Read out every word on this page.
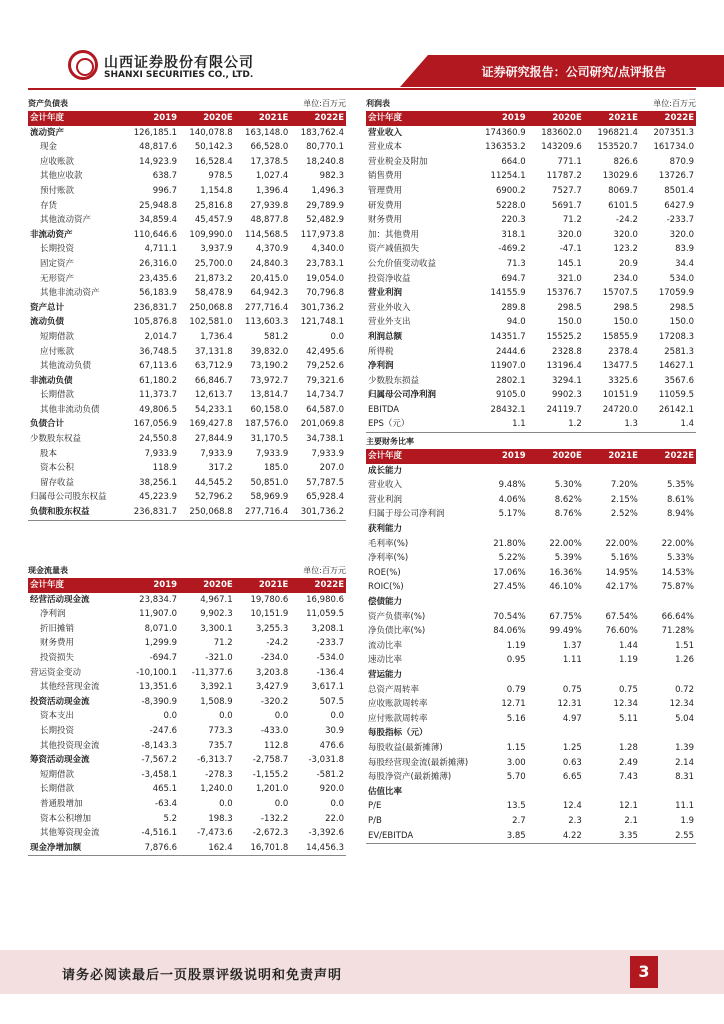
山西证券股份有限公司
SHANXI SECURITIES CO., LTD.	证券研究报告：公司研究/点评报告
资产负债表	单位:百万元
会计年度	2019	2020E	2021E	2022E
流动资产	126,185.1	140,078.8	163,148.0	183,762.4
现金	48,817.6	50,142.3	66,528.0	80,770.1
应收账款	14,923.9	16,528.4	17,378.5	18,240.8
其他应收款	638.7	978.5	1,027.4	982.3
预付账款	996.7	1,154.8	1,396.4	1,496.3
存货	25,948.8	25,816.8	27,939.8	29,789.9
其他流动资产	34,859.4	45,457.9	48,877.8	52,482.9
非流动资产	110,646.6	109,990.0	114,568.5	117,973.8
长期投资	4,711.1	3,937.9	4,370.9	4,340.0
固定资产	26,316.0	25,700.0	24,840.3	23,783.1
无形资产	23,435.6	21,873.2	20,415.0	19,054.0
其他非流动资产	56,183.9	58,478.9	64,942.3	70,796.8
资产总计	236,831.7	250,068.8	277,716.4	301,736.2
流动负债	105,876.8	102,581.0	113,603.3	121,748.1
短期借款	2,014.7	1,736.4	581.2	0.0
应付账款	36,748.5	37,131.8	39,832.0	42,495.6
其他流动负债	67,113.6	63,712.9	73,190.2	79,252.6
非流动负债	61,180.2	66,846.7	73,972.7	79,321.6
长期借款	11,373.7	12,613.7	13,814.7	14,734.7
其他非流动负债	49,806.5	54,233.1	60,158.0	64,587.0
负债合计	167,056.9	169,427.8	187,576.0	201,069.8
少数股东权益	24,550.8	27,844.9	31,170.5	34,738.1
股本	7,933.9	7,933.9	7,933.9	7,933.9
资本公积	118.9	317.2	185.0	207.0
留存收益	38,256.1	44,545.2	50,851.0	57,787.5
归属母公司股东权益	45,223.9	52,796.2	58,969.9	65,928.4
负债和股东权益	236,831.7	250,068.8	277,716.4	301,736.2
现金流量表	单位:百万元
会计年度	2019	2020E	2021E	2022E
经营活动现金流	23,834.7	4,967.1	19,780.6	16,980.6
净利润	11,907.0	9,902.3	10,151.9	11,059.5
折旧摊销	8,071.0	3,300.1	3,255.3	3,208.1
财务费用	1,299.9	71.2	-24.2	-233.7
投资损失	-694.7	-321.0	-234.0	-534.0
营运资金变动	-10,100.1	-11,377.6	3,203.8	-136.4
其他经营现金流	13,351.6	3,392.1	3,427.9	3,617.1
投资活动现金流	-8,390.9	1,508.9	-320.2	507.5
资本支出	0.0	0.0	0.0	0.0
长期投资	-247.6	773.3	-433.0	30.9
其他投资现金流	-8,143.3	735.7	112.8	476.6
筹资活动现金流	-7,567.2	-6,313.7	-2,758.7	-3,031.8
短期借款	-3,458.1	-278.3	-1,155.2	-581.2
长期借款	465.1	1,240.0	1,201.0	920.0
普通股增加	-63.4	0.0	0.0	0.0
资本公积增加	5.2	198.3	-132.2	22.0
其他筹资现金流	-4,516.1	-7,473.6	-2,672.3	-3,392.6
现金净增加额	7,876.6	162.4	16,701.8	14,456.3
利润表	单位:百万元
会计年度	2019	2020E	2021E	2022E
营业收入	174360.9	183602.0	196821.4	207351.3
营业成本	136353.2	143209.6	153520.7	161734.0
营业税金及附加	664.0	771.1	826.6	870.9
销售费用	11254.1	11787.2	13029.6	13726.7
管理费用	6900.2	7527.7	8069.7	8501.4
研发费用	5228.0	5691.7	6101.5	6427.9
财务费用	220.3	71.2	-24.2	-233.7
加：其他费用	318.1	320.0	320.0	320.0
资产减值损失	-469.2	-47.1	123.2	83.9
公允价值变动收益	71.3	145.1	20.9	34.4
投资净收益	694.7	321.0	234.0	534.0
营业利润	14155.9	15376.7	15707.5	17059.9
营业外收入	289.8	298.5	298.5	298.5
营业外支出	94.0	150.0	150.0	150.0
利润总额	14351.7	15525.2	15855.9	17208.3
所得税	2444.6	2328.8	2378.4	2581.3
净利润	11907.0	13196.4	13477.5	14627.1
少数股东损益	2802.1	3294.1	3325.6	3567.6
归属母公司净利润	9105.0	9902.3	10151.9	11059.5
EBITDA	28432.1	24119.7	24720.0	26142.1
EPS（元）	1.1	1.2	1.3	1.4
主要财务比率
会计年度	2019	2020E	2021E	2022E
成长能力				
营业收入	9.48%	5.30%	7.20%	5.35%
营业利润	4.06%	8.62%	2.15%	8.61%
归属于母公司净利润	5.17%	8.76%	2.52%	8.94%
获利能力				
毛利率(%)	21.80%	22.00%	22.00%	22.00%
净利率(%)	5.22%	5.39%	5.16%	5.33%
ROE(%)	17.06%	16.36%	14.95%	14.53%
ROIC(%)	27.45%	46.10%	42.17%	75.87%
偿债能力				
资产负债率(%)	70.54%	67.75%	67.54%	66.64%
净负债比率(%)	84.06%	99.49%	76.60%	71.28%
流动比率	1.19	1.37	1.44	1.51
速动比率	0.95	1.11	1.19	1.26
营运能力				
总资产周转率	0.79	0.75	0.75	0.72
应收账款周转率	12.71	12.31	12.34	12.34
应付账款周转率	5.16	4.97	5.11	5.04
每股指标（元）				
每股收益(最新摊薄)	1.15	1.25	1.28	1.39
每股经营现金流(最新摊薄)	3.00	0.63	2.49	2.14
每股净资产(最新摊薄)	5.70	6.65	7.43	8.31
估值比率				
P/E	13.5	12.4	12.1	11.1
P/B	2.7	2.3	2.1	1.9
EV/EBITDA	3.85	4.22	3.35	2.55
请务必阅读最后一页股票评级说明和免责声明	3
